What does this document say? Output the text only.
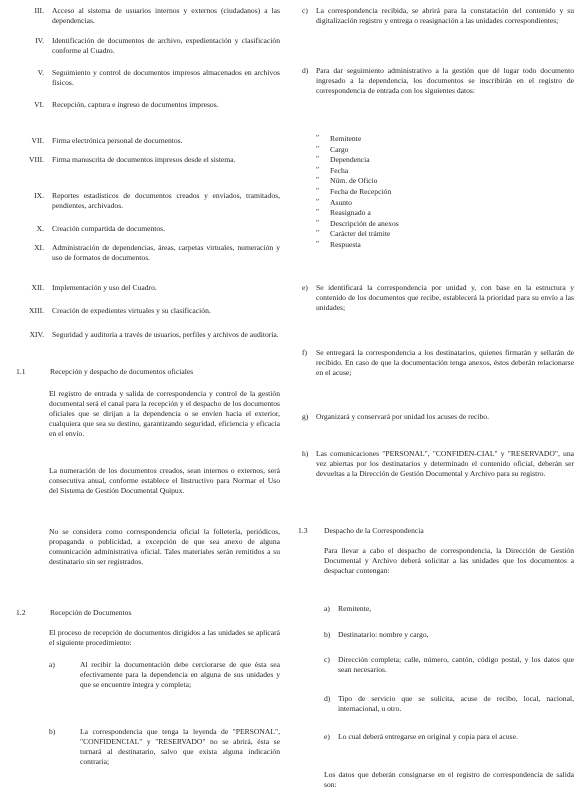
III. Acceso al sistema de usuarios internos y externos (ciudadanos) a las dependencias.
IV. Identificación de documentos de archivo, expedientación y clasificación conforme al Cuadro.
V. Seguimiento y control de documentos impresos almacenados en archivos físicos.
VI. Recepción, captura e ingreso de documentos impresos.
VII. Firma electrónica personal de documentos.
VIII. Firma manuscrita de documentos impresos desde el sistema.
IX. Reportes estadísticos de documentos creados y enviados, tramitados, pendientes, archivados.
X. Creación compartida de documentos.
XI. Administración de dependencias, áreas, carpetas virtuales, numeración y uso de formatos de documentos.
XII. Implementación y uso del Cuadro.
XIII. Creación de expedientes virtuales y su clasificación.
XIV. Seguridad y auditoría a través de usuarios, perfiles y archivos de auditoría.
1.1	Recepción y despacho de documentos oficiales
El registro de entrada y salida de correspondencia y control de la gestión documental será el canal para la recepción y el despacho de los documentos oficiales que se dirijan a la dependencia o se envíen hacia el exterior, cualquiera que sea su destino, garantizando seguridad, eficiencia y eficacia en el envío.
La numeración de los documentos creados, sean internos o externos, será consecutiva anual, conforme establece el Instructivo para Normar el Uso del Sistema de Gestión Documental Quipux.
No se considera como correspondencia oficial la folletería, periódicos, propaganda o publicidad, a excepción de que sea anexo de alguna comunicación administrativa oficial. Tales materiales serán remitidos a su destinatario sin ser registrados.
1.2	Recepción de Documentos
El proceso de recepción de documentos dirigidos a las unidades se aplicará el siguiente procedimiento:
a)	Al recibir la documentación debe cerciorarse de que ésta sea efectivamente para la dependencia en alguna de sus unidades y que se encuentre íntegra y completa;
b)	La correspondencia que tenga la leyenda de "PERSONAL", "CONFIDENCIAL" y "RESERVADO" no se abrirá, ésta se turnará al destinatario, salvo que exista alguna indicación contraria;
c) La correspondencia recibida, se abrirá para la constatación del contenido y su digitalización registro y entrega o reasignación a las unidades correspondientes;
d) Para dar seguimiento administrativo a la gestión que dé lugar todo documento ingresado a la dependencia, los documentos se inscribirán en el registro de correspondencia de entrada con los siguientes datos:
″ Remitente
″ Cargo
″ Dependencia
″ Fecha
″ Núm. de Oficio
″ Fecha de Recepción
″ Asunto
″ Reasignado a
″ Descripción de anexos
″ Carácter del trámite
″ Respuesta
e) Se identificará la correspondencia por unidad y, con base en la estructura y contenido de los documentos que recibe, establecerá la prioridad para su envío a las unidades;
f) Se entregará la correspondencia a los destinatarios, quienes firmarán y sellarán de recibido. En caso de que la documentación tenga anexos, éstos deberán relacionarse en el acuse;
g) Organizará y conservará por unidad los acuses de recibo.
h) Las comunicaciones "PERSONAL", "CONFIDEN-CIAL" y "RESERVADO", una vez abiertas por los destinatarios y determinado el contenido oficial, deberán ser devueltas a la Dirección de Gestión Documental y Archivo para su registro.
1.3	Despacho de la Correspondencia
Para llevar a cabo el despacho de correspondencia, la Dirección de Gestión Documental y Archivo deberá solicitar a las unidades que los documentos a despachar contengan:
a) Remitente,
b) Destinatario: nombre y cargo,
c) Dirección completa; calle, número, cantón, código postal, y los datos que sean necesarios.
d) Tipo de servicio que se solicita, acuse de recibo, local, nacional, internacional, u otro.
e) Lo cual deberá entregarse en original y copia para el acuse.
Los datos que deberán consignarse en el registro de correspondencia de salida son:
